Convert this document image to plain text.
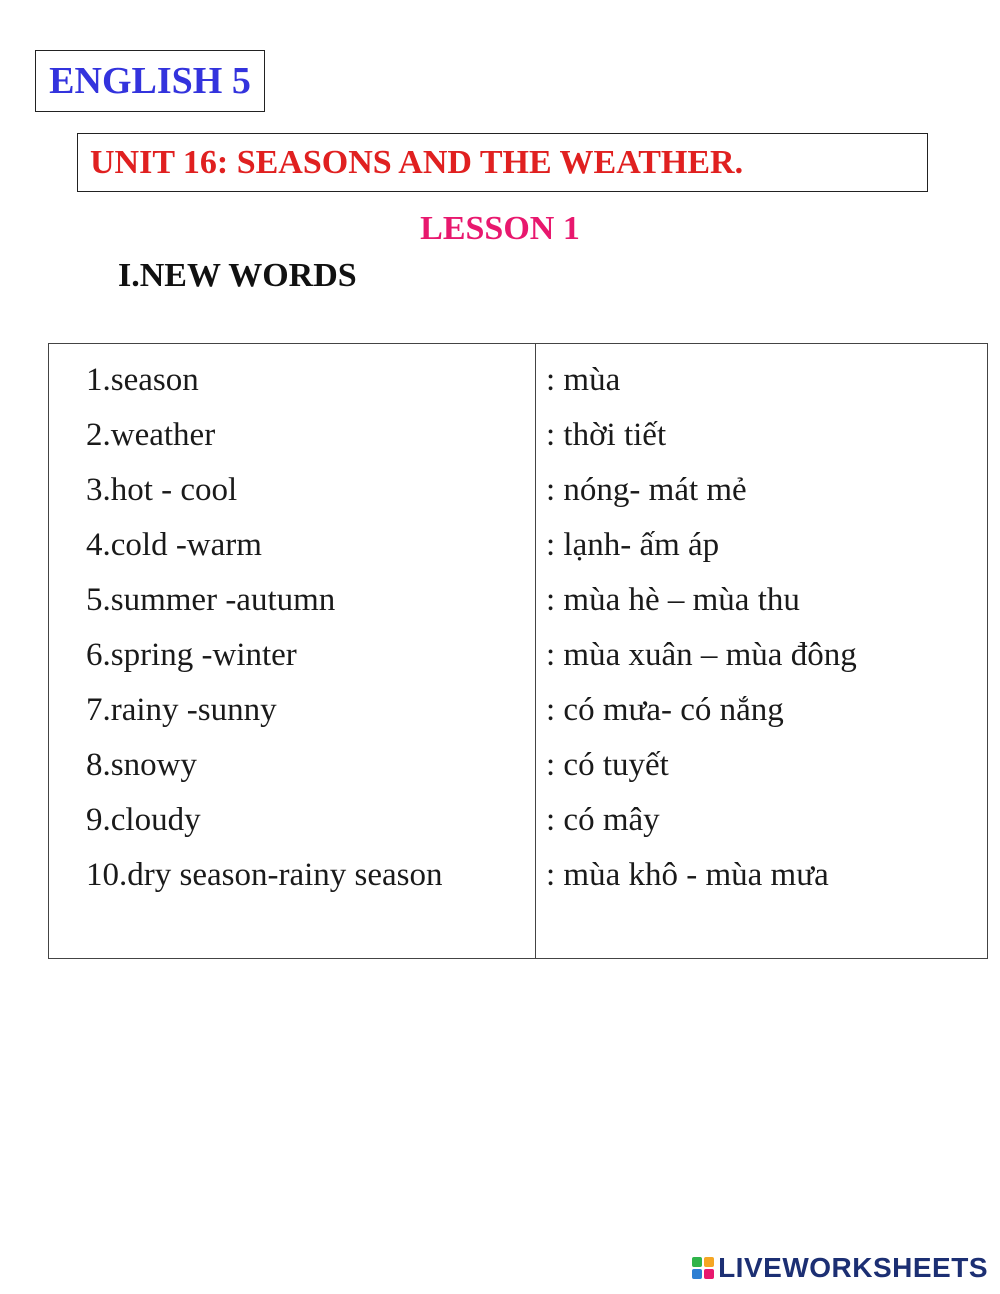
ENGLISH 5
UNIT 16: SEASONS AND THE WEATHER.
LESSON 1
I.NEW WORDS
1.season
2.weather
3.hot - cool
4.cold -warm
5.summer -autumn
6.spring -winter
7.rainy -sunny
8.snowy
9.cloudy
10.dry season-rainy season
: mùa
: thời tiết
: nóng- mát mẻ
: lạnh- ấm áp
: mùa hè – mùa thu
: mùa xuân – mùa đông
: có mưa- có nắng
: có tuyết
: có mây
: mùa khô - mùa mưa
LIVEWORKSHEETS
